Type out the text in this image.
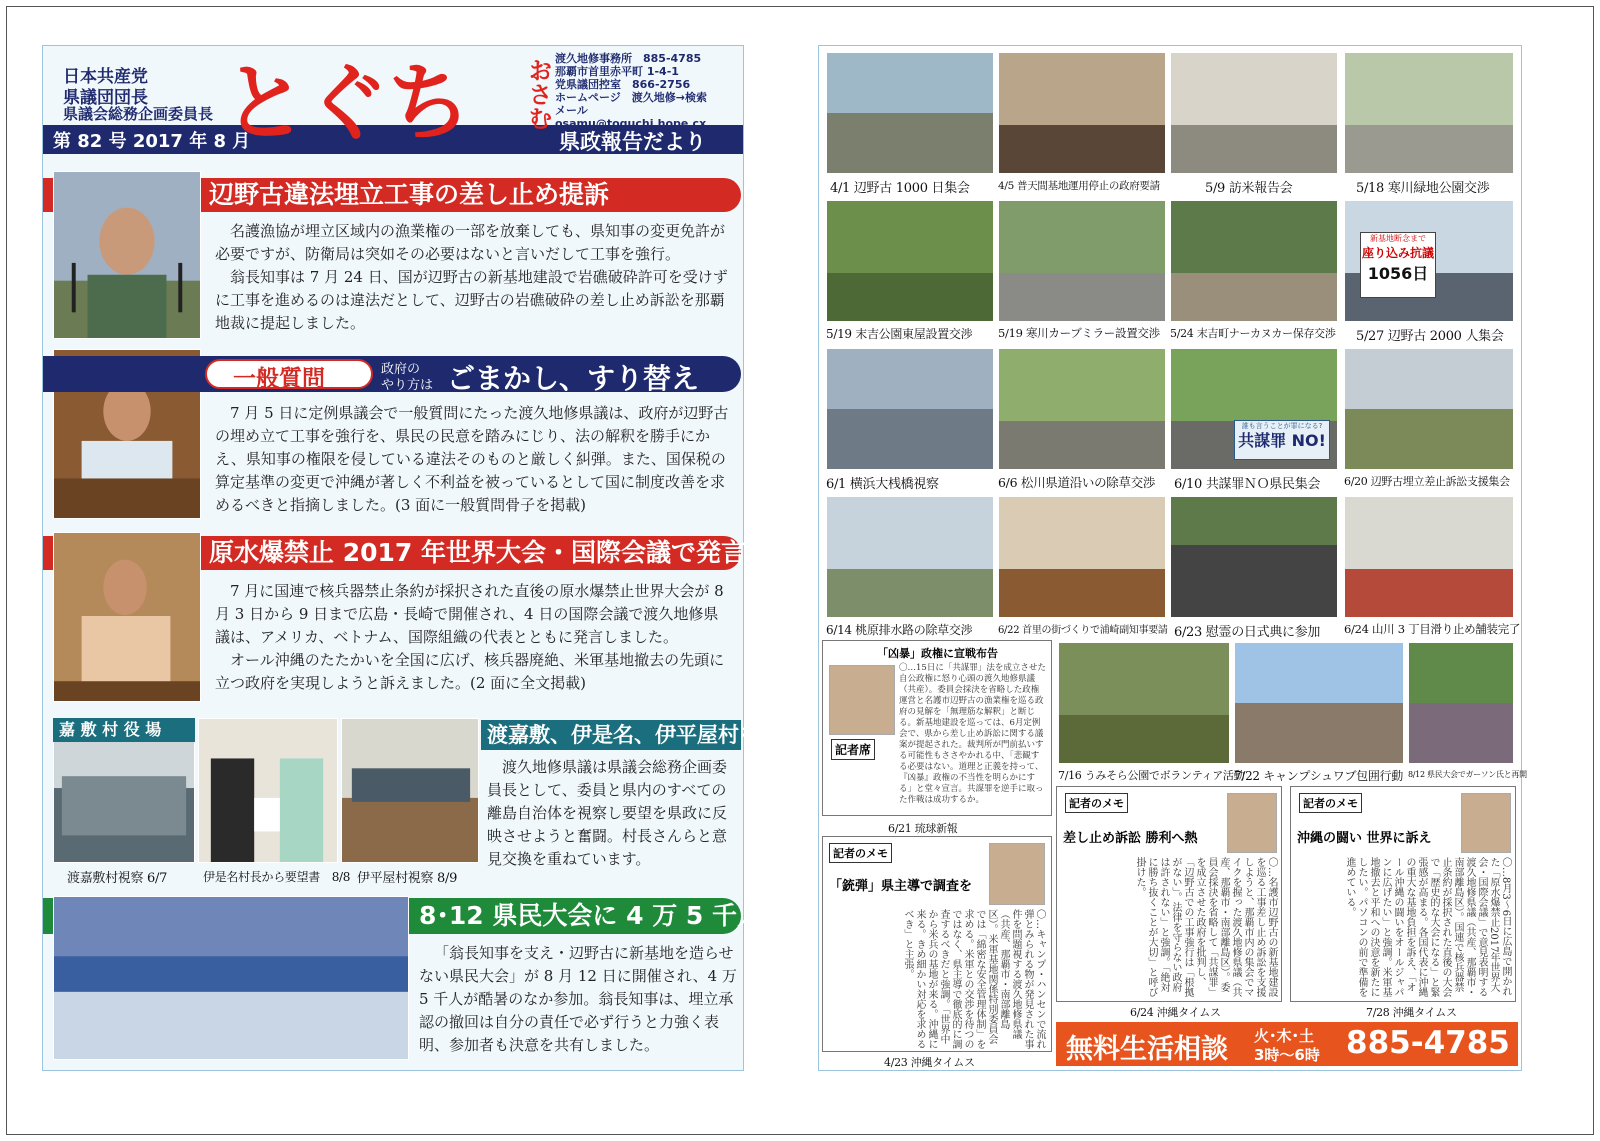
日本共産党
県議団団長
県議会総務企画委員長
第 82 号 2017 年 8 月
とぐち おさむ
県政報告だより
渡久地修事務所　885-4785
那覇市首里赤平町 1-4-1
党県議団控室　866-2756
ホームページ　渡久地修→検索
メール　osamu@toguchi.hope.cx
辺野古違法埋立工事の差し止め提訴

名護漁協が埋立区域内の漁業権の一部を放棄しても、県知事の変更免許が必要ですが、防衛局は突如その必要はないと言いだして工事を強行。

翁長知事は 7 月 24 日、国が辺野古の新基地建設で岩礁破砕許可を受けずに工事を進めるのは違法だとして、辺野古の岩礁破砕の差し止め訴訟を那覇地裁に提起しました。

一般質問	政府の
やり方は ごまかし、すり替え

7 月 5 日に定例県議会で一般質問にたった渡久地修県議は、政府が辺野古の埋め立て工事を強行を、県民の民意を踏みにじり、法の解釈を勝手にかえ、県知事の権限を侵している違法そのものと厳しく糾弾。また、国保税の算定基準の変更で沖縄が著しく不利益を被っているとして国に制度改善を求めるべきと指摘しました。(3 面に一般質問骨子を掲載)

原水爆禁止 2017 年世界大会・国際会議で発言

7 月に国連で核兵器禁止条約が採択された直後の原水爆禁止世界大会が 8 月 3 日から 9 日まで広島・長崎で開催され、4 日の国際会議で渡久地修県議は、アメリカ、ベトナム、国際組織の代表とともに発言しました。

オール沖縄のたたかいを全国に広げ、核兵器廃絶、米軍基地撤去の先頭に立つ政府を実現しようと訴えました。(2 面に全文掲載)

嘉 敷 村 役 場	渡嘉敷、伊是名、伊平屋村を訪問

渡久地修県議は県議会総務企画委員長として、委員と県内のすべての離島自治体を視察し要望を県政に反映させようと奮闘。村長さんらと意見交換を重ねています。

渡嘉敷村視察 6/7	伊是名村長から要望書　8/8 伊平屋村視察 8/9
8･12 県民大会に 4 万 5 千人

「翁長知事を支え・辺野古に新基地を造らせない県民大会」が 8 月 12 日に開催され、4 万 5 千人が酷暑のなか参加。翁長知事は、埋立承認の撤回は自分の責任で必ず行うと力強く表明、参加者も決意を共有しました。

新基地断念まで
座り込み抗議
1056日
誰も言うことが罪になる?
共謀罪 NO!
4/1 辺野古 1000 日集会	4/5 普天間基地運用停止の政府要請	5/9 訪米報告会	5/18 寒川緑地公園交渉
5/19 末吉公園東屋設置交渉 5/19 寒川カーブミラー設置交渉 5/24 末吉町ナーカヌカー保存交渉 5/27 辺野古 2000 人集会
6/1 横浜大桟橋視察	6/6 松川県道沿いの除草交渉 6/10 共謀罪ＮＯ県民集会 6/20 辺野古埋立差止訴訟支援集会
6/14 桃原排水路の除草交渉	6/22 首里の街づくりで浦崎副知事要請 6/23 慰霊の日式典に参加 6/24 山川 3 丁目滑り止め舗装完了
7/16 うみそら公園でボランティア活動
7/22 キャンプシュワブ包囲行動 8/12 県民大会でガーソン氏と再開
「凶暴」政権に宣戦布告
記者席
〇…15日に「共謀罪」法を成立させた自公政権に怒り心頭の渡久地修県議（共産）。委員会採決を省略した政権運営と名護市辺野古の漁業権を巡る政府の見解を「無理筋な解釈」と断じる。新基地建設を巡っては、6月定例会で、県から差し止め訴訟に関する議案が提起された。裁判所が門前払いする可能性もささやかれる中、「悲観する必要はない。道理と正義を持って、『凶暴』政権の不当性を明らかにする」と堂々宣言。共謀罪を逆手に取った作戦は成功するか。
6/21 琉球新報
記者のメモ
「銃弾」県主導で調査を
〇…キャンプ・ハンセンで流れ弾とみられる物が発見された事件を問題視する渡久地修県議（共産、那覇市・南部離島区）。米軍基地関係特別委員会では「綿密な安全管理体制」を求める。米軍との交渉を待つのではなく、県主導で徹底的に調査するべきだと強調。「世界中から米兵の基地が来る。沖縄に来る。きめ細かい対応を求めるべき」と主張。
4/23 沖縄タイムス
記者のメモ
差し止め訴訟 勝利へ熱
〇…名護市辺野古の新基地建設を巡る工事差し止め訴訟を支援しようと、那覇市内の集会でマイクを握った渡久地修県議（共産、那覇市・南部離島区）。委員会採決を省略して「共謀罪」を成立させた政府を批判し、「辺野古での工事強行は「根拠がない」。法律を守らない政府は許されない」と強調。「絶対に勝ち抜くことが大切」と呼び掛けた。
6/24 沖縄タイムス
記者のメモ
沖縄の闘い 世界に訴え
〇…8月3〜6日に広島で開かれた「原水爆禁止2017年世界大会・国際会議」で意見表明する渡久地修県議（共産、那覇市・南部離島区）。国連で核兵器禁止条約が採択された直後の大会で「歴史的な大会になる」と緊張感が高まる。各国代表に沖縄の重大な基地負担を訴え、「オール沖縄の闘いをオールジャパンに広げたい」と強調。米軍基地撤去と平和への決意を新たにしたい。パソコンの前で準備を進めている。
7/28 沖縄タイムス
無料生活相談 火･木･土
3時〜6時 885-4785
